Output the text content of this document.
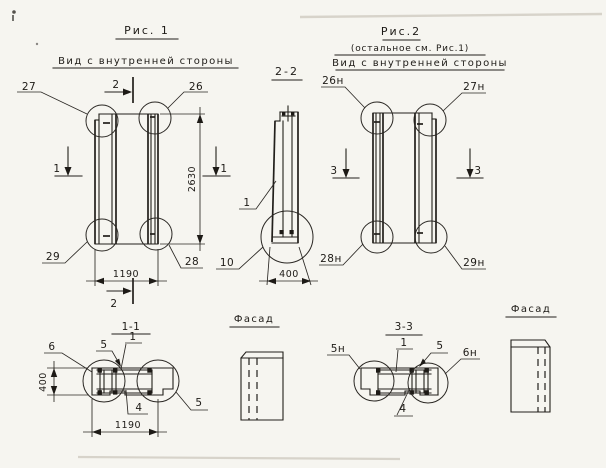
Рис. 1
Вид с внутренней стороны
27	26
29	28
1	1
2
2
2630
1190
2-2
1
10
400
Рис.2
(остальное см. Рис.1)
Вид с внутренней стороны
26н	27н
28н	29н
3	3
1-1
1
6	5
5
4
400
1190
Фасад
3-3
1
5н	5
6н
4
Фасад
